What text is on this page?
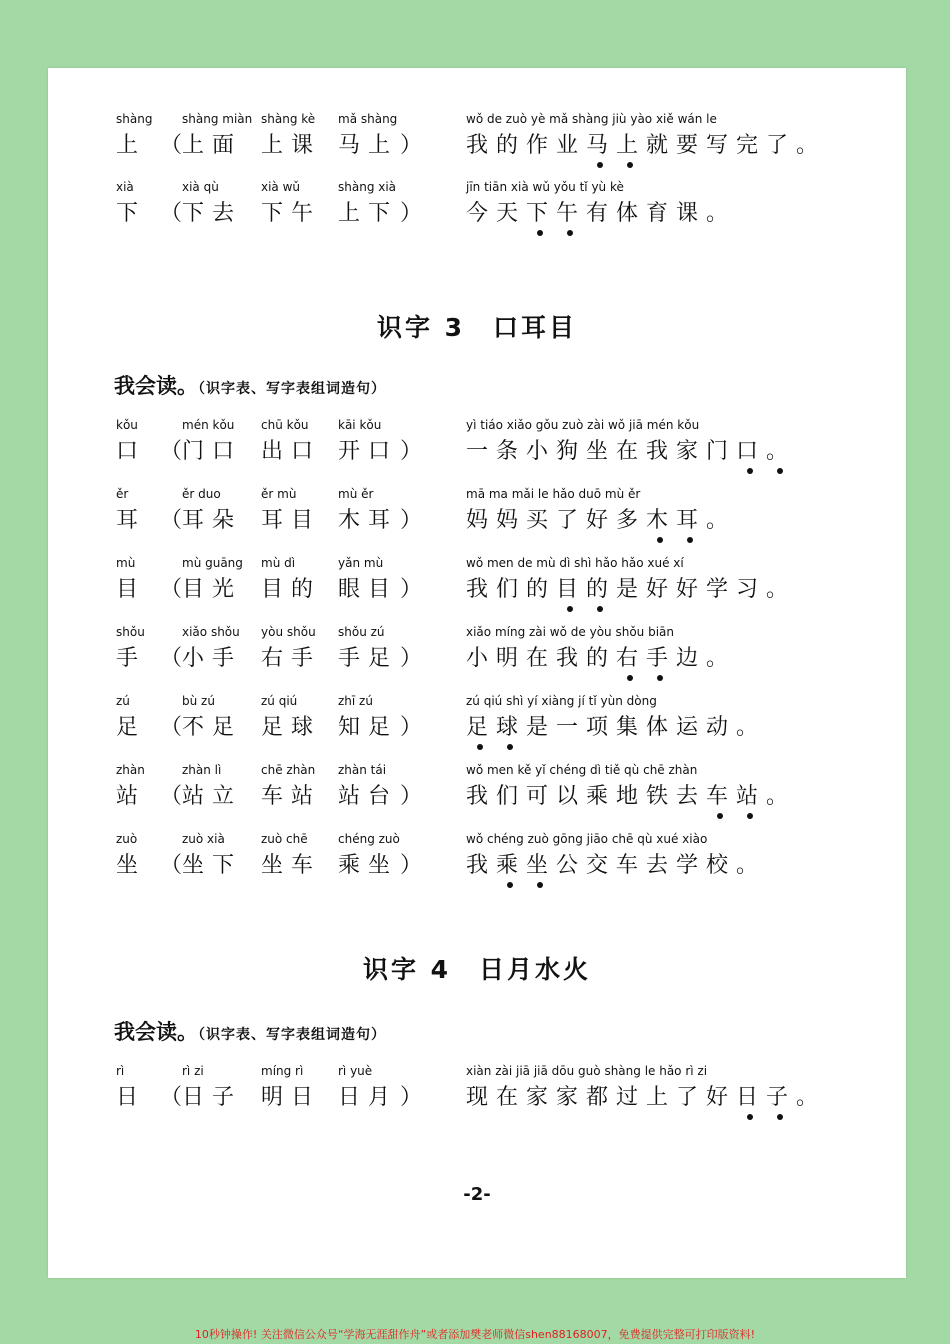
shàng
上 （
shàng miàn
上面
shàng kè
上课
mǎ shàng
马上 ）
wǒ de zuò yè mǎ shàng jiù yào xiě wán le
我的作业马上就要写完了。
xià
下 （
xià qù
下去
xià wǔ
下午
shàng xià
上下 ）
jīn tiān xià wǔ yǒu tǐ yù kè
今天下午有体育课。
识字 3　口耳目
我会读。（识字表、写字表组词造句）
kǒu
口 （
mén kǒu
门口
chū kǒu
出口
kāi kǒu
开口 ）
yì tiáo xiǎo gǒu zuò zài wǒ jiā mén kǒu
一条小狗坐在我家门口。
ěr
耳 （
ěr duo
耳朵
ěr mù
耳目
mù ěr
木耳 ）
mā ma mǎi le hǎo duō mù ěr
妈妈买了好多木耳。
mù
目 （
mù guāng
目光
mù dì
目的
yǎn mù
眼目 ）
wǒ men de mù dì shì hǎo hǎo xué xí
我们的目的是好好学习。
shǒu
手 （
xiǎo shǒu
小手
yòu shǒu
右手
shǒu zú
手足 ）
xiǎo míng zài wǒ de yòu shǒu biān
小明在我的右手边。
zú
足 （
bù zú
不足
zú qiú
足球
zhī zú
知足 ）
zú qiú shì yí xiàng jí tǐ yùn dòng
足球是一项集体运动。
zhàn
站 （
zhàn lì
站立
chē zhàn
车站
zhàn tái
站台 ）
wǒ men kě yǐ chéng dì tiě qù chē zhàn
我们可以乘地铁去车站。
zuò
坐 （
zuò xià
坐下
zuò chē
坐车
chéng zuò
乘坐 ）
wǒ chéng zuò gōng jiāo chē qù xué xiào
我乘坐公交车去学校。
识字 4　日月水火
我会读。（识字表、写字表组词造句）
rì
日 （
rì zi
日子
míng rì
明日
rì yuè
日月 ）
xiàn zài jiā jiā dōu guò shàng le hǎo rì zi
现在家家都过上了好日子。
-2-
10秒钟操作! 关注微信公众号“学海无涯甜作舟”或者添加樊老师微信shen88168007，免费提供完整可打印版资料!
